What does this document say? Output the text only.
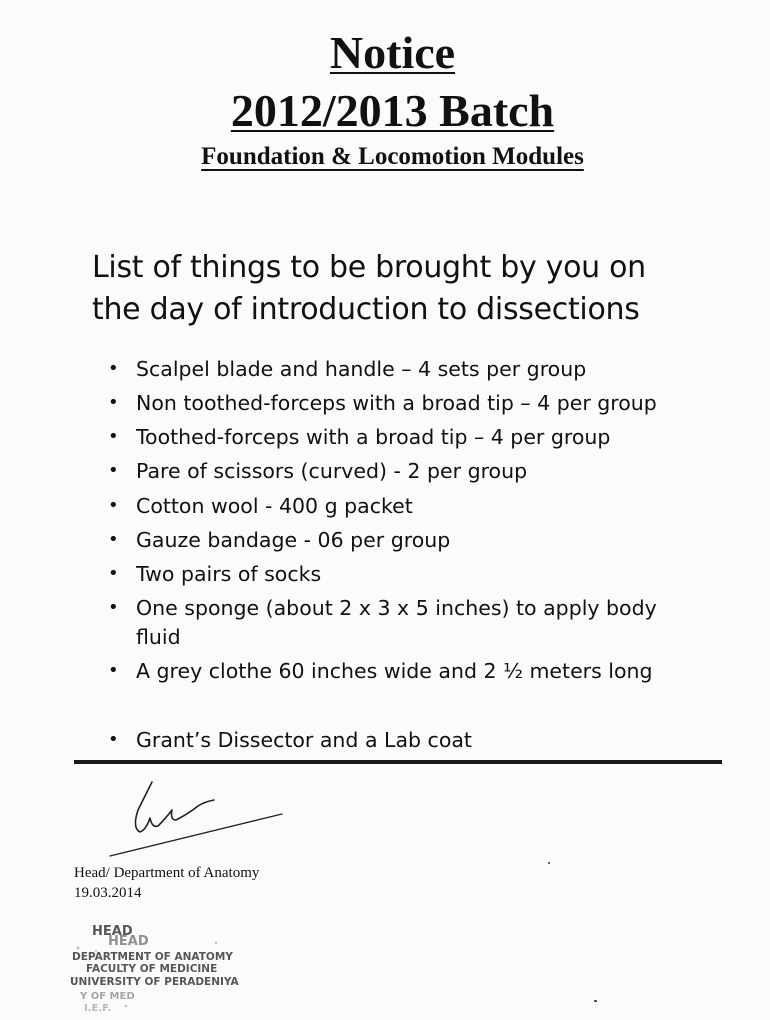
Notice
2012/2013 Batch
Foundation & Locomotion Modules
List of things to be brought by you on
the day of introduction to dissections
• Scalpel blade and handle – 4 sets per group
• Non toothed-forceps with a broad tip – 4 per group
• Toothed-forceps with a broad tip – 4 per group
• Pare of scissors (curved) - 2 per group
• Cotton wool - 400 g packet
• Gauze bandage - 06 per group
• Two pairs of socks
• One sponge (about 2 x 3 x 5 inches) to apply body
fluid
• A grey clothe 60 inches wide and 2 ½ meters long
• Grant’s Dissector and a Lab coat
Head/ Department of Anatomy
19.03.2014
HEAD
HEAD
DEPARTMENT OF ANATOMY
FACULTY OF MEDICINE
UNIVERSITY OF PERADENIYA
Y OF MED
I.E.F.
